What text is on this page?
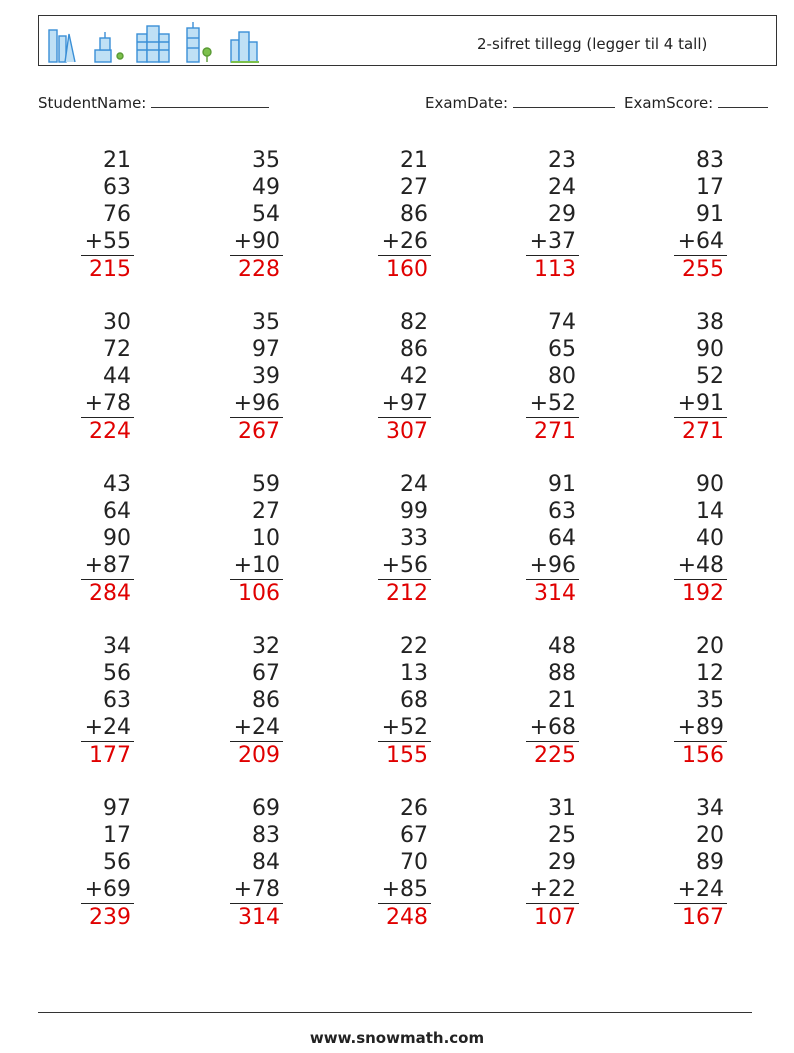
2-sifret tillegg (legger til 4 tall)
StudentName:	ExamDate:	ExamScore:
21
63
76
+55
215
35
49
54
+90
228
21
27
86
+26
160
23
24
29
+37
113
83
17
91
+64
255
30
72
44
+78
224
35
97
39
+96
267
82
86
42
+97
307
74
65
80
+52
271
38
90
52
+91
271
43
64
90
+87
284
59
27
10
+10
106
24
99
33
+56
212
91
63
64
+96
314
90
14
40
+48
192
34
56
63
+24
177
32
67
86
+24
209
22
13
68
+52
155
48
88
21
+68
225
20
12
35
+89
156
97
17
56
+69
239
69
83
84
+78
314
26
67
70
+85
248
31
25
29
+22
107
34
20
89
+24
167
www.snowmath.com
